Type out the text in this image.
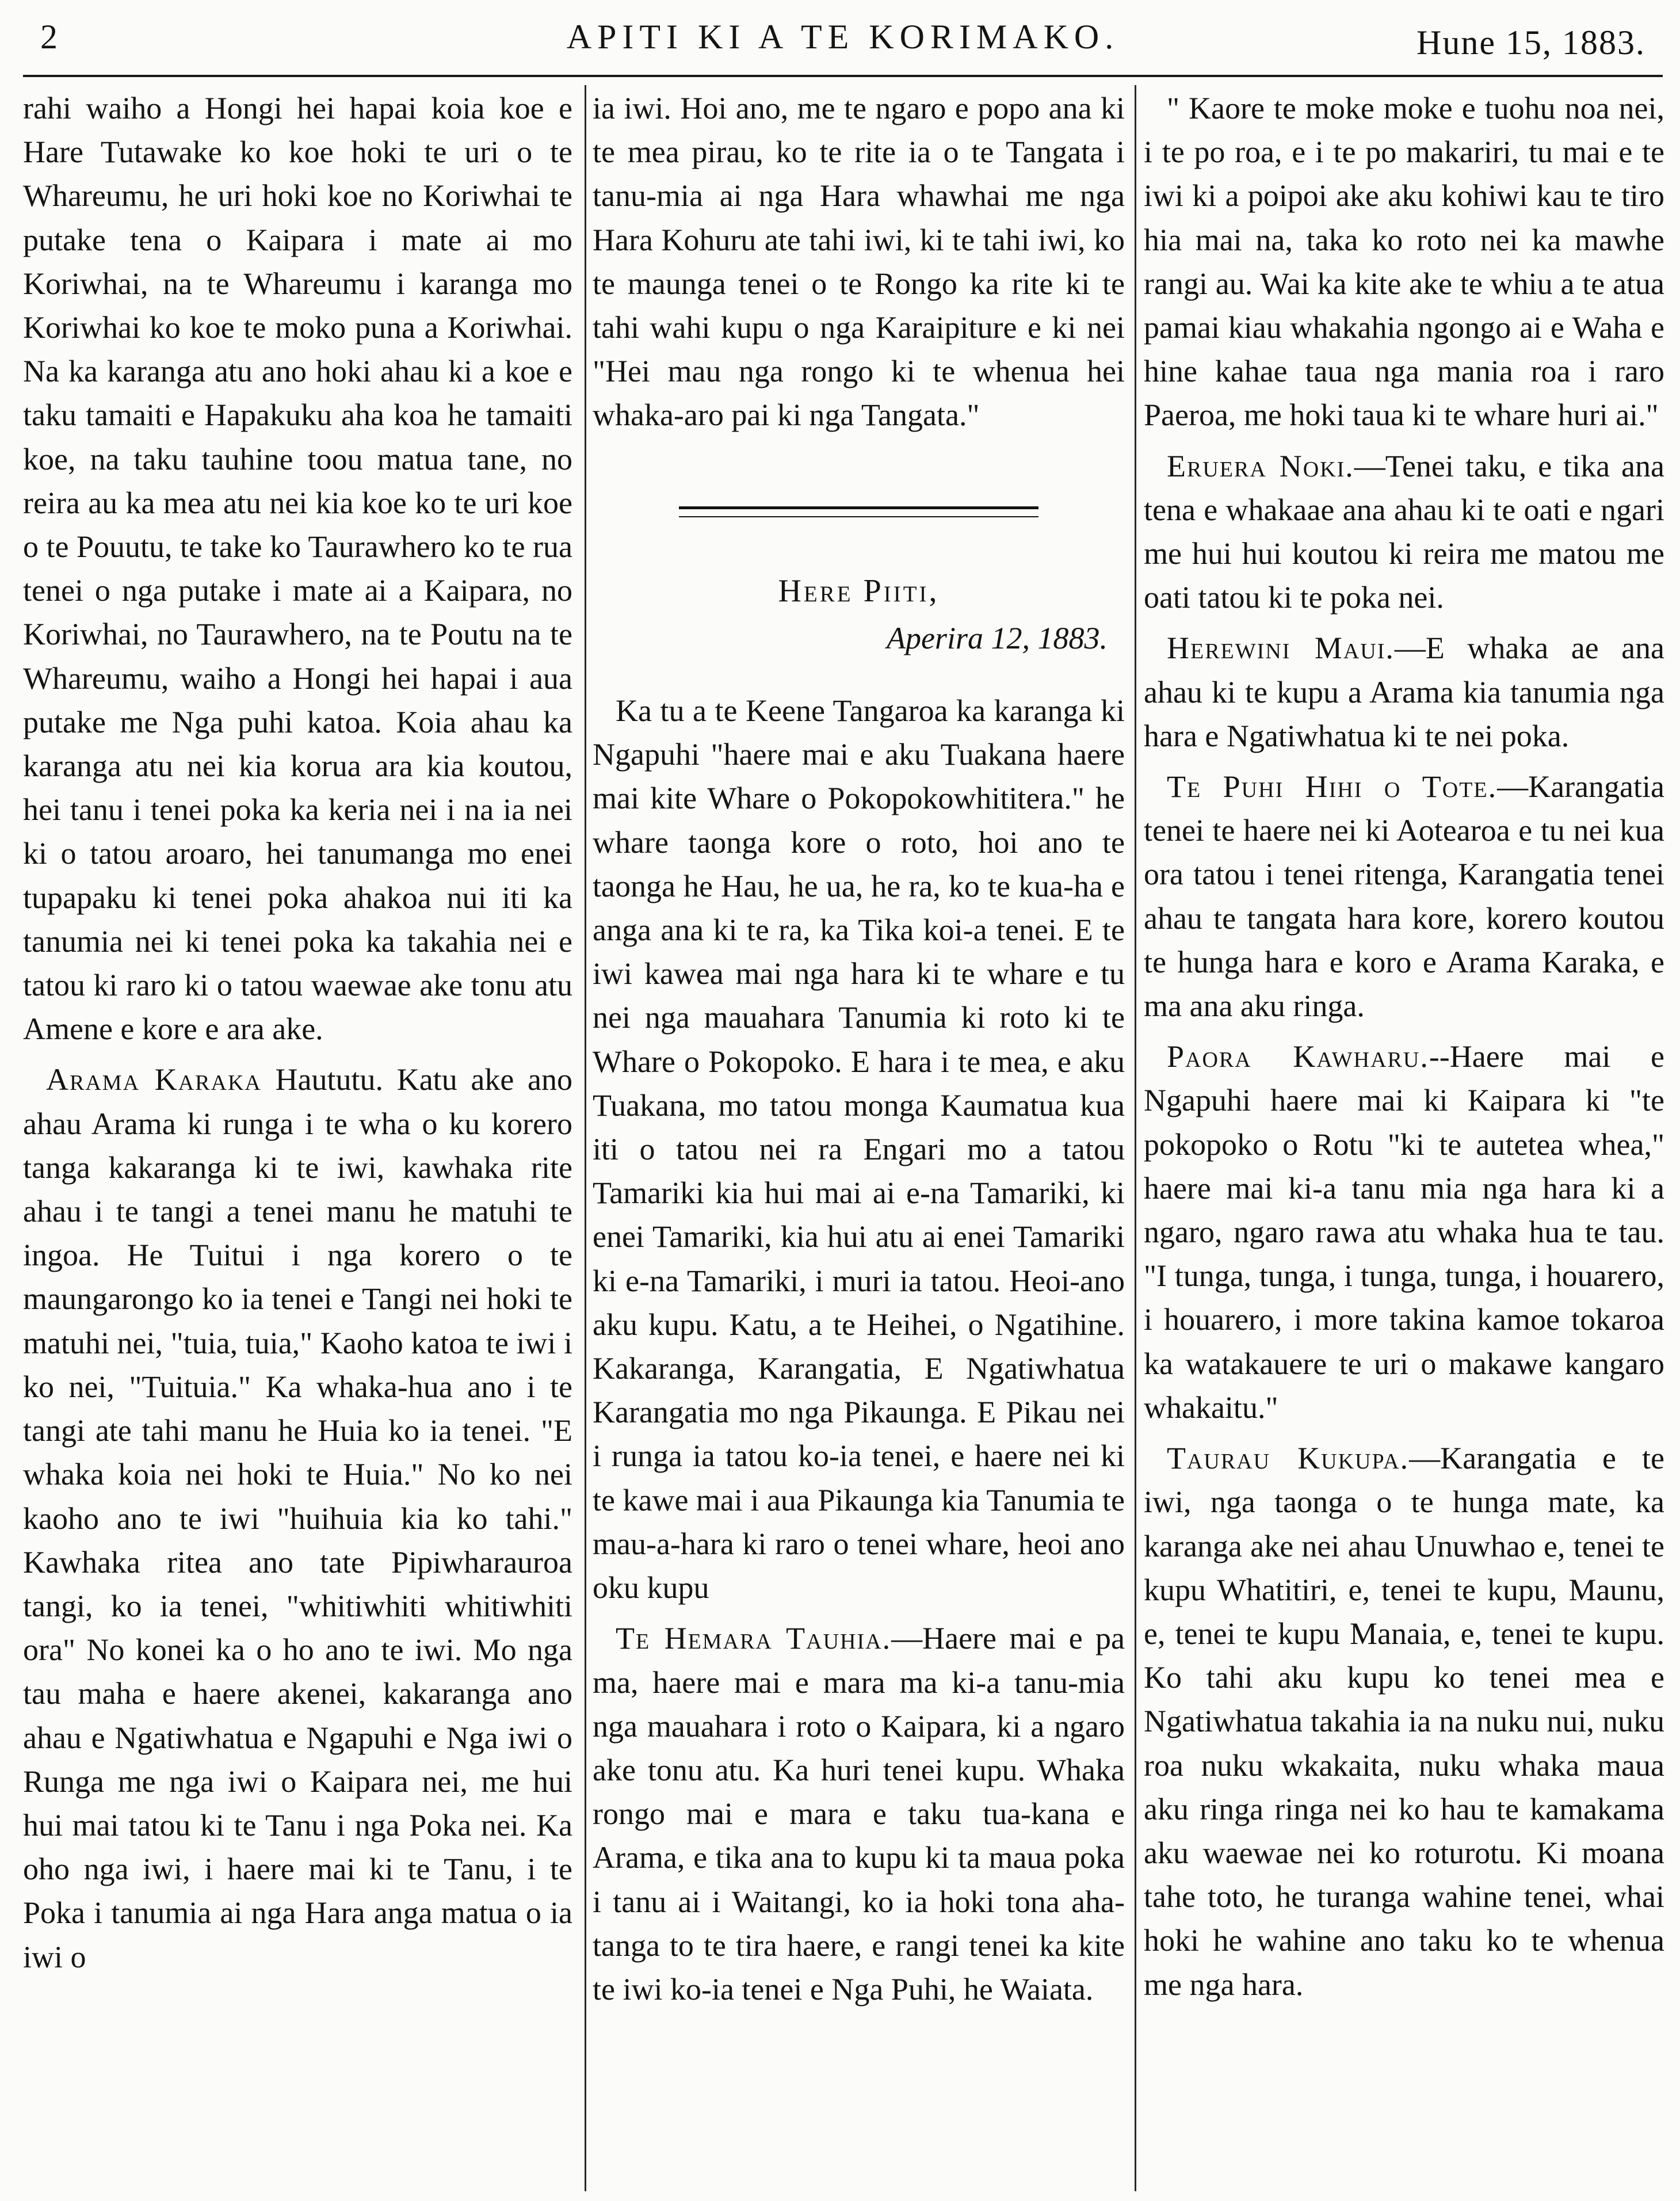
2	APITI KI A TE KORIMAKO.	Hune 15, 1883.

rahi waiho a Hongi hei hapai koia koe e Hare Tutawake ko koe hoki te uri o te Whareumu, he uri hoki koe no Koriwhai te putake tena o Kaipara i mate ai mo Koriwhai, na te Whareumu i karanga mo Koriwhai ko koe te moko puna a Koriwhai. Na ka karanga atu ano hoki ahau ki a koe e taku tamaiti e Hapakuku aha koa he tamaiti koe, na taku tauhine toou matua tane, no reira au ka mea atu nei kia koe ko te uri koe o te Pouutu, te take ko Taurawhero ko te rua tenei o nga putake i mate ai a Kaipara, no Koriwhai, no Taurawhero, na te Poutu na te Whareumu, waiho a Hongi hei hapai i aua putake me Nga puhi katoa. Koia ahau ka karanga atu nei kia korua ara kia koutou, hei tanu i tenei poka ka keria nei i na ia nei ki o tatou aroaro, hei tanumanga mo enei tupapaku ki tenei poka ahakoa nui iti ka tanumia nei ki tenei poka ka takahia nei e tatou ki raro ki o tatou waewae ake tonu atu Amene e kore e ara ake.

Arama Karaka Haututu. Katu ake ano ahau Arama ki runga i te wha o ku korero tanga kakaranga ki te iwi, kawhaka rite ahau i te tangi a tenei manu he matuhi te ingoa. He Tuitui i nga korero o te maungarongo ko ia tenei e Tangi nei hoki te matuhi nei, "tuia, tuia," Kaoho katoa te iwi i ko nei, "Tuituia." Ka whaka-hua ano i te tangi ate tahi manu he Huia ko ia tenei. "E whaka koia nei hoki te Huia." No ko nei kaoho ano te iwi "huihuia kia ko tahi." Kawhaka ritea ano tate Pipiwharauroa tangi, ko ia tenei, "whitiwhiti whitiwhiti ora" No konei ka o ho ano te iwi. Mo nga tau maha e haere akenei, kakaranga ano ahau e Ngatiwhatua e Ngapuhi e Nga iwi o Runga me nga iwi o Kaipara nei, me hui hui mai tatou ki te Tanu i nga Poka nei. Ka oho nga iwi, i haere mai ki te Tanu, i te Poka i tanumia ai nga Hara anga matua o ia iwi o

ia iwi. Hoi ano, me te ngaro e popo ana ki te mea pirau, ko te rite ia o te Tangata i tanu-mia ai nga Hara whawhai me nga Hara Kohuru ate tahi iwi, ki te tahi iwi, ko te maunga tenei o te Rongo ka rite ki te tahi wahi kupu o nga Karaipiture e ki nei "Hei mau nga rongo ki te whenua hei whaka-aro pai ki nga Tangata."

Here Piiti,

Aperira 12, 1883.

Ka tu a te Keene Tangaroa ka karanga ki Ngapuhi "haere mai e aku Tuakana haere mai kite Whare o Pokopokowhititera." he whare taonga kore o roto, hoi ano te taonga he Hau, he ua, he ra, ko te kua-ha e anga ana ki te ra, ka Tika koi-a tenei. E te iwi kawea mai nga hara ki te whare e tu nei nga mauahara Tanumia ki roto ki te Whare o Pokopoko. E hara i te mea, e aku Tuakana, mo tatou monga Kaumatua kua iti o tatou nei ra Engari mo a tatou Tamariki kia hui mai ai e-na Tamariki, ki enei Tamariki, kia hui atu ai enei Tamariki ki e-na Tamariki, i muri ia tatou. Heoi-ano aku kupu. Katu, a te Heihei, o Ngatihine. Kakaranga, Karangatia, E Ngatiwhatua Karangatia mo nga Pikaunga. E Pikau nei i runga ia tatou ko-ia tenei, e haere nei ki te kawe mai i aua Pikaunga kia Tanumia te mau-a-hara ki raro o tenei whare, heoi ano oku kupu

Te Hemara Tauhia.—Haere mai e pa ma, haere mai e mara ma ki-a tanu-mia nga mauahara i roto o Kaipara, ki a ngaro ake tonu atu. Ka huri tenei kupu. Whaka rongo mai e mara e taku tua-kana e Arama, e tika ana to kupu ki ta maua poka i tanu ai i Waitangi, ko ia hoki tona aha-tanga to te tira haere, e rangi tenei ka kite te iwi ko-ia tenei e Nga Puhi, he Waiata.

" Kaore te moke moke e tuohu noa nei, i te po roa, e i te po makariri, tu mai e te iwi ki a poipoi ake aku kohiwi kau te tiro hia mai na, taka ko roto nei ka mawhe rangi au. Wai ka kite ake te whiu a te atua pamai kiau whakahia ngongo ai e Waha e hine kahae taua nga mania roa i raro Paeroa, me hoki taua ki te whare huri ai."

Eruera Noki.—Tenei taku, e tika ana tena e whakaae ana ahau ki te oati e ngari me hui hui koutou ki reira me matou me oati tatou ki te poka nei.

Herewini Maui.—E whaka ae ana ahau ki te kupu a Arama kia tanumia nga hara e Ngatiwhatua ki te nei poka.

Te Puhi Hihi o Tote.—Karangatia tenei te haere nei ki Aotearoa e tu nei kua ora tatou i tenei ritenga, Karangatia tenei ahau te tangata hara kore, korero koutou te hunga hara e koro e Arama Karaka, e ma ana aku ringa.

Paora Kawharu.--Haere mai e Ngapuhi haere mai ki Kaipara ki "te pokopoko o Rotu "ki te autetea whea," haere mai ki-a tanu mia nga hara ki a ngaro, ngaro rawa atu whaka hua te tau. "I tunga, tunga, i tunga, tunga, i houarero, i houarero, i more takina kamoe tokaroa ka watakauere te uri o makawe kangaro whakaitu."

Taurau Kukupa.—Karangatia e te iwi, nga taonga o te hunga mate, ka karanga ake nei ahau Unuwhao e, tenei te kupu Whatitiri, e, tenei te kupu, Maunu, e, tenei te kupu Manaia, e, tenei te kupu. Ko tahi aku kupu ko tenei mea e Ngatiwhatua takahia ia na nuku nui, nuku roa nuku wkakaita, nuku whaka maua aku ringa ringa nei ko hau te kamakama aku waewae nei ko roturotu. Ki moana tahe toto, he turanga wahine tenei, whai hoki he wahine ano taku ko te whenua me nga hara.
